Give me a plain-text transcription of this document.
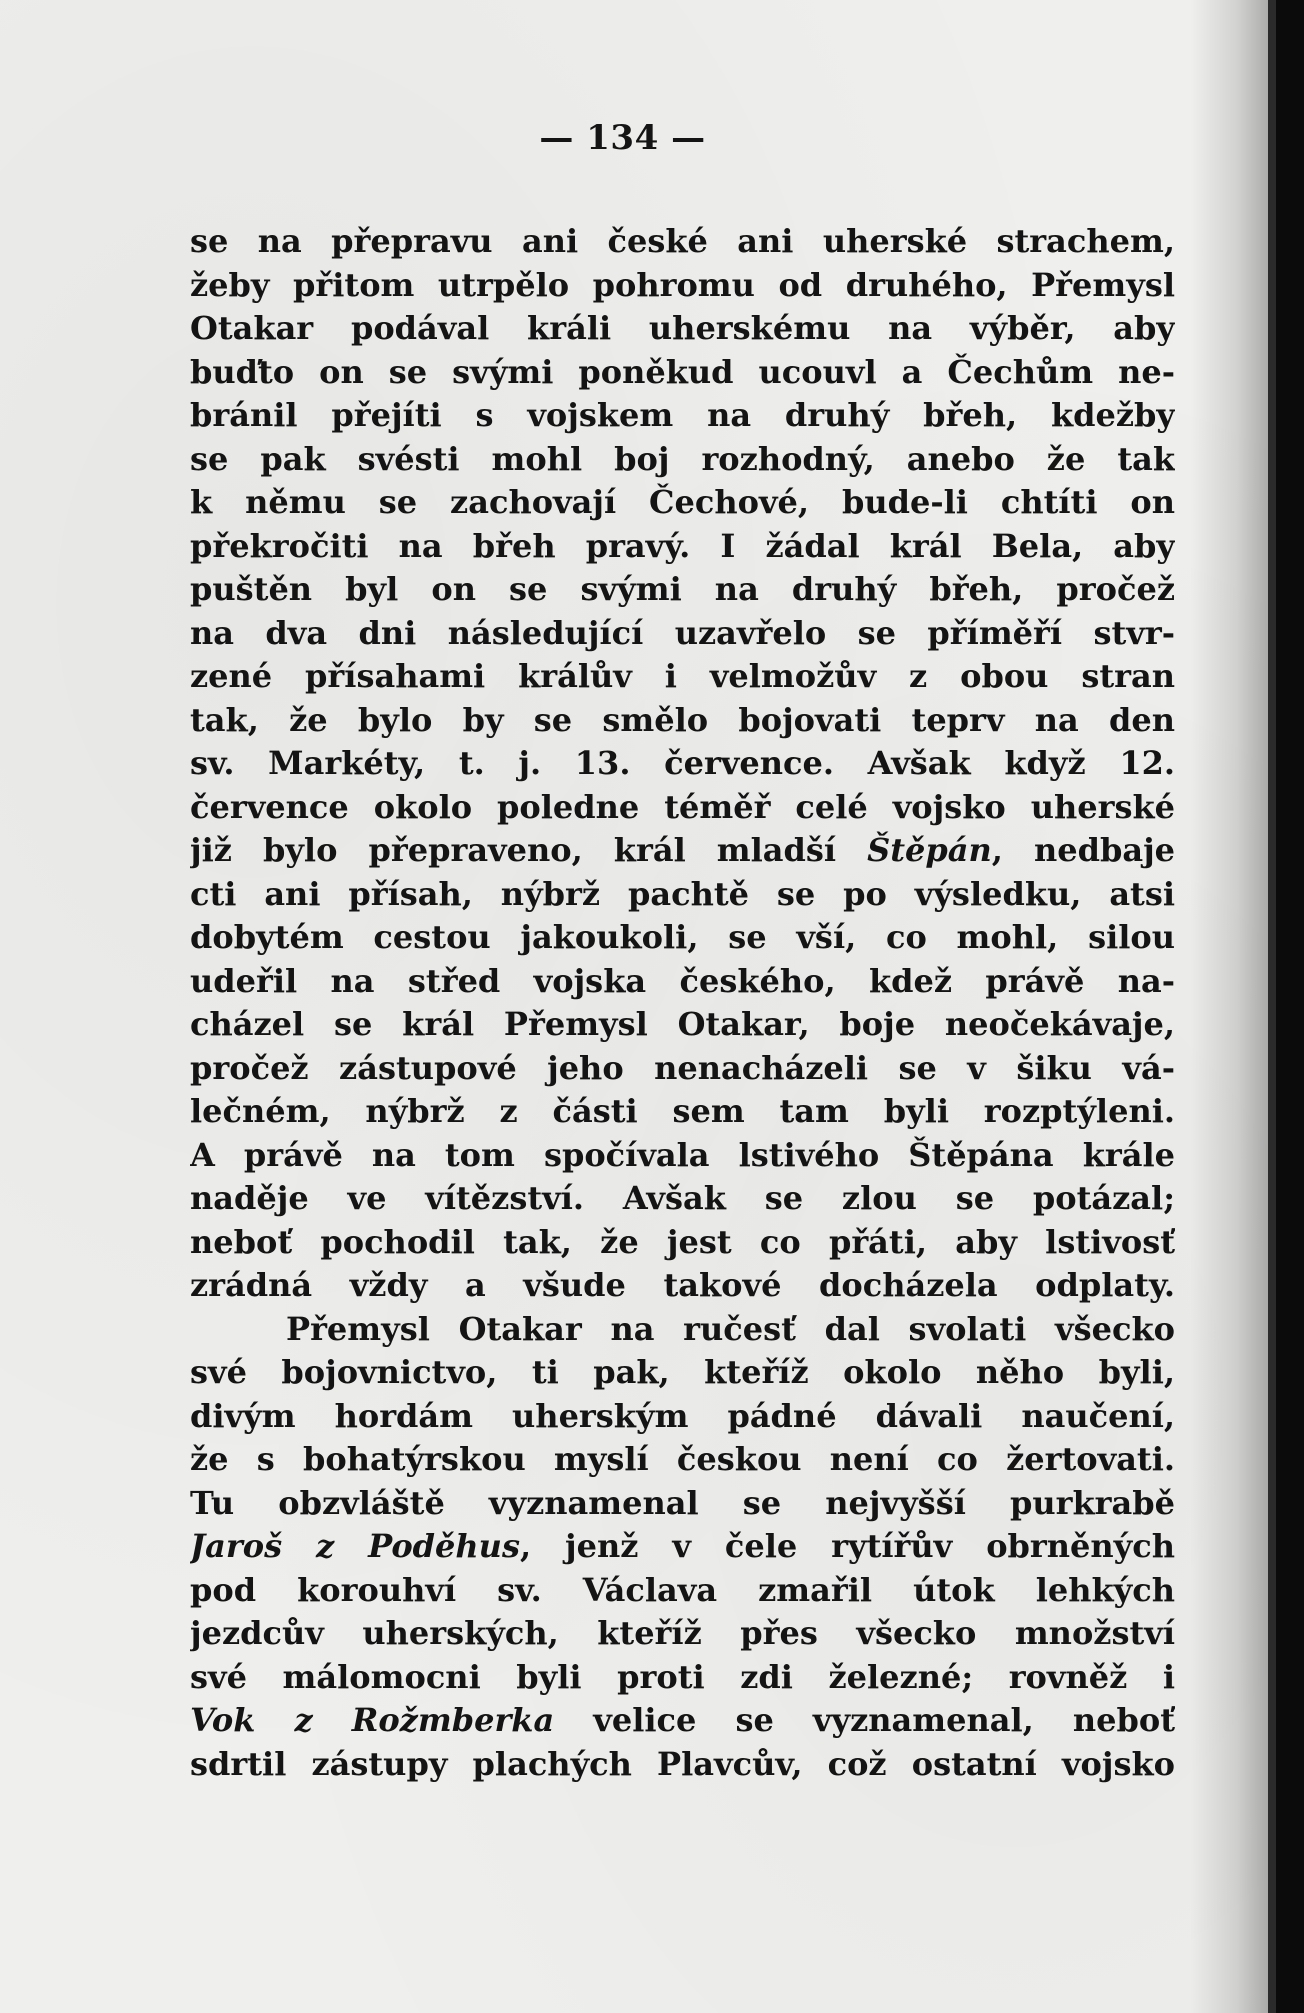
— 134 —
se na přepravu ani české ani uherské strachem,
žeby přitom utrpělo pohromu od druhého, Přemysl
Otakar podával králi uherskému na výběr, aby
buďto on se svými poněkud ucouvl a Čechům ne-
bránil přejíti s vojskem na druhý břeh, kdežby
se pak svésti mohl boj rozhodný, anebo že tak
k němu se zachovají Čechové, bude-li chtíti on
překročiti na břeh pravý. I žádal král Bela, aby
puštěn byl on se svými na druhý břeh, pročež
na dva dni následující uzavřelo se příměří stvr-
zené přísahami králův i velmožův z obou stran
tak, že bylo by se smělo bojovati teprv na den
sv. Markéty, t. j. 13. července. Avšak když 12.
července okolo poledne téměř celé vojsko uherské
již bylo přepraveno, král mladší Štěpán, nedbaje
cti ani přísah, nýbrž pachtě se po výsledku, atsi
dobytém cestou jakoukoli, se vší, co mohl, silou
udeřil na střed vojska českého, kdež právě na-
cházel se král Přemysl Otakar, boje neočekávaje,
pročež zástupové jeho nenacházeli se v šiku vá-
lečném, nýbrž z části sem tam byli rozptýleni.
A právě na tom spočívala lstivého Štěpána krále
naděje ve vítězství. Avšak se zlou se potázal;
neboť pochodil tak, že jest co přáti, aby lstivosť
zrádná vždy a všude takové docházela odplaty.
Přemysl Otakar na ručesť dal svolati všecko
své bojovnictvo, ti pak, kteříž okolo něho byli,
divým hordám uherským pádné dávali naučení,
že s bohatýrskou myslí českou není co žertovati.
Tu obzvláště vyznamenal se nejvyšší purkrabě
Jaroš z Poděhus, jenž v čele rytířův obrněných
pod korouhví sv. Václava zmařil útok lehkých
jezdcův uherských, kteříž přes všecko množství
své málomocni byli proti zdi železné; rovněž i
Vok z Rožmberka velice se vyznamenal, neboť
sdrtil zástupy plachých Plavcův, což ostatní vojsko
